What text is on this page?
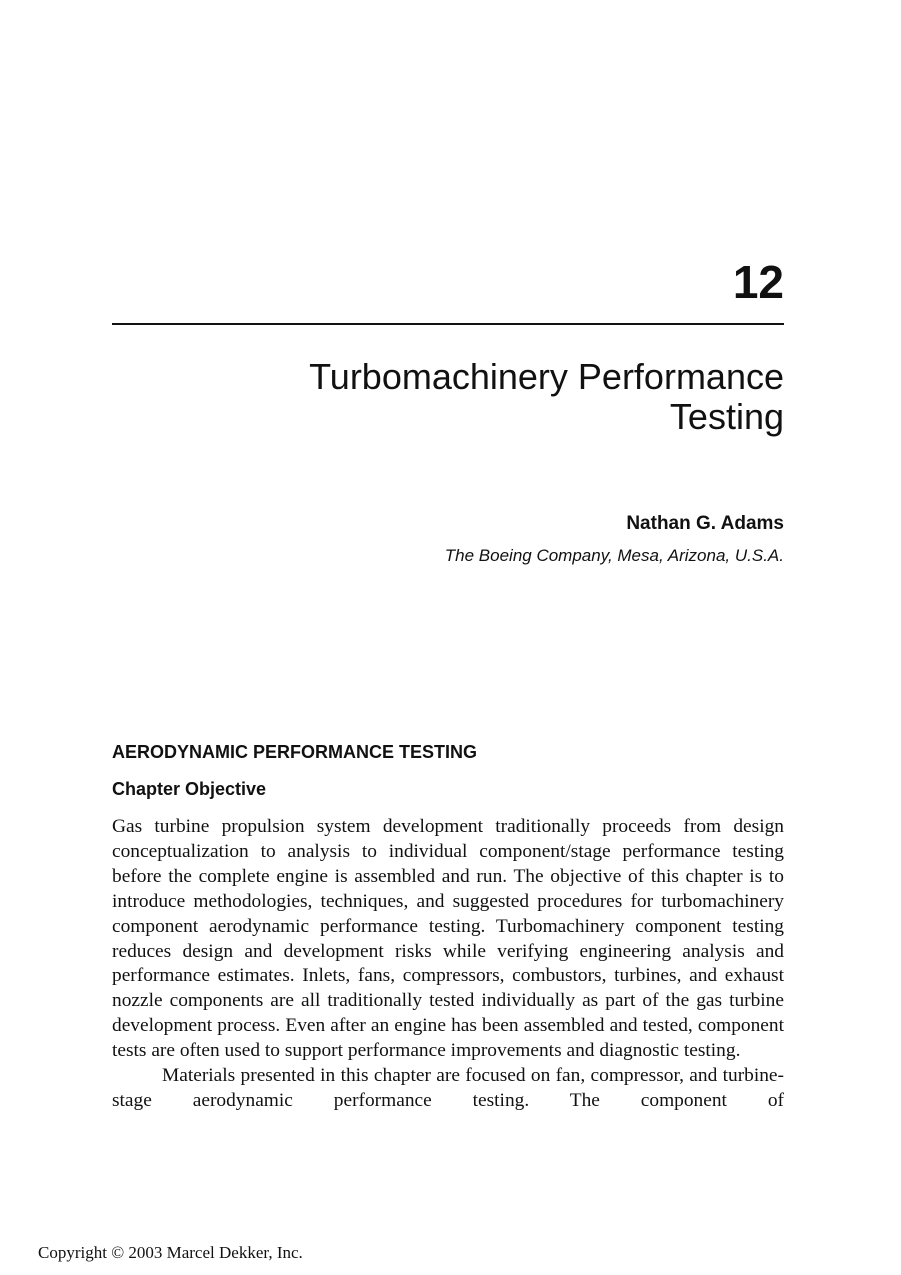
12
Turbomachinery Performance
Testing

Nathan G. Adams

The Boeing Company, Mesa, Arizona, U.S.A.

AERODYNAMIC PERFORMANCE TESTING
Chapter Objective

Gas turbine propulsion system development traditionally proceeds from design conceptualization to analysis to individual component/stage performance testing before the complete engine is assembled and run. The objective of this chapter is to introduce methodologies, techniques, and suggested procedures for turbomachinery component aerodynamic performance testing. Turbomachinery component testing reduces design and development risks while verifying engineering analysis and performance estimates. Inlets, fans, compressors, combustors, turbines, and exhaust nozzle components are all traditionally tested individually as part of the gas turbine development process. Even after an engine has been assembled and tested, component tests are often used to support performance improvements and diagnostic testing.

Materials presented in this chapter are focused on fan, compressor, and turbine-stage aerodynamic performance testing. The component of

Copyright © 2003 Marcel Dekker, Inc.
